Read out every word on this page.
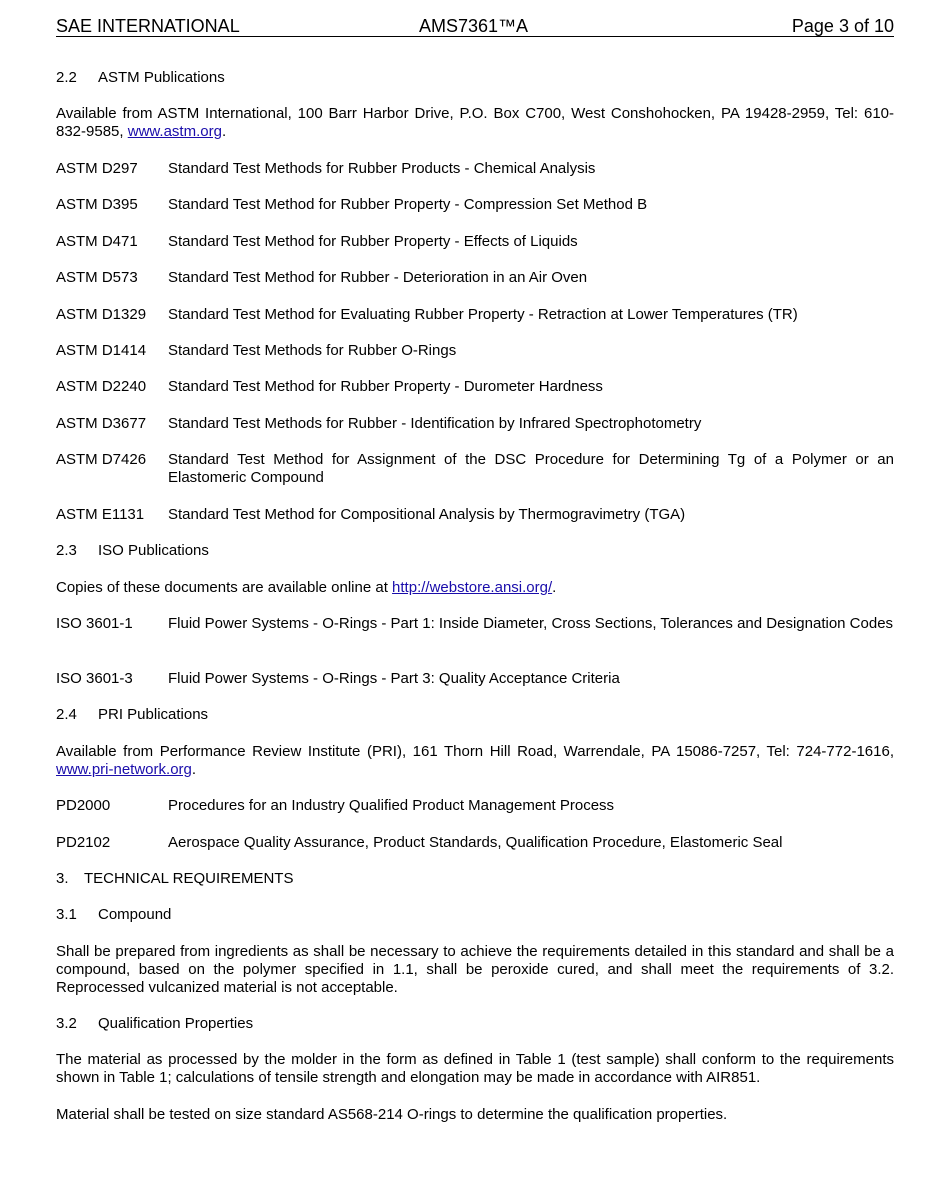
SAE INTERNATIONAL	AMS7361™A	Page 3 of 10
2.2 ASTM Publications
Available from ASTM International, 100 Barr Harbor Drive, P.O. Box C700, West Conshohocken, PA 19428-2959, Tel: 610-832-9585, www.astm.org.
ASTM D297 Standard Test Methods for Rubber Products - Chemical Analysis
ASTM D395 Standard Test Method for Rubber Property - Compression Set Method B
ASTM D471 Standard Test Method for Rubber Property - Effects of Liquids
ASTM D573 Standard Test Method for Rubber - Deterioration in an Air Oven
ASTM D1329 Standard Test Method for Evaluating Rubber Property - Retraction at Lower Temperatures (TR)
ASTM D1414 Standard Test Methods for Rubber O-Rings
ASTM D2240 Standard Test Method for Rubber Property - Durometer Hardness
ASTM D3677 Standard Test Methods for Rubber - Identification by Infrared Spectrophotometry
ASTM D7426 Standard Test Method for Assignment of the DSC Procedure for Determining Tg of a Polymer or an Elastomeric Compound
ASTM E1131 Standard Test Method for Compositional Analysis by Thermogravimetry (TGA)
2.3 ISO Publications
Copies of these documents are available online at http://webstore.ansi.org/.
ISO 3601-1 Fluid Power Systems - O-Rings - Part 1: Inside Diameter, Cross Sections, Tolerances and Designation Codes
ISO 3601-3 Fluid Power Systems - O-Rings - Part 3: Quality Acceptance Criteria
2.4 PRI Publications
Available from Performance Review Institute (PRI), 161 Thorn Hill Road, Warrendale, PA 15086-7257, Tel: 724-772-1616, www.pri-network.org.
PD2000	Procedures for an Industry Qualified Product Management Process
PD2102	Aerospace Quality Assurance, Product Standards, Qualification Procedure, Elastomeric Seal
3. TECHNICAL REQUIREMENTS
3.1 Compound
Shall be prepared from ingredients as shall be necessary to achieve the requirements detailed in this standard and shall be a compound, based on the polymer specified in 1.1, shall be peroxide cured, and shall meet the requirements of 3.2. Reprocessed vulcanized material is not acceptable.
3.2 Qualification Properties
The material as processed by the molder in the form as defined in Table 1 (test sample) shall conform to the requirements shown in Table 1; calculations of tensile strength and elongation may be made in accordance with AIR851.
Material shall be tested on size standard AS568-214 O-rings to determine the qualification properties.
